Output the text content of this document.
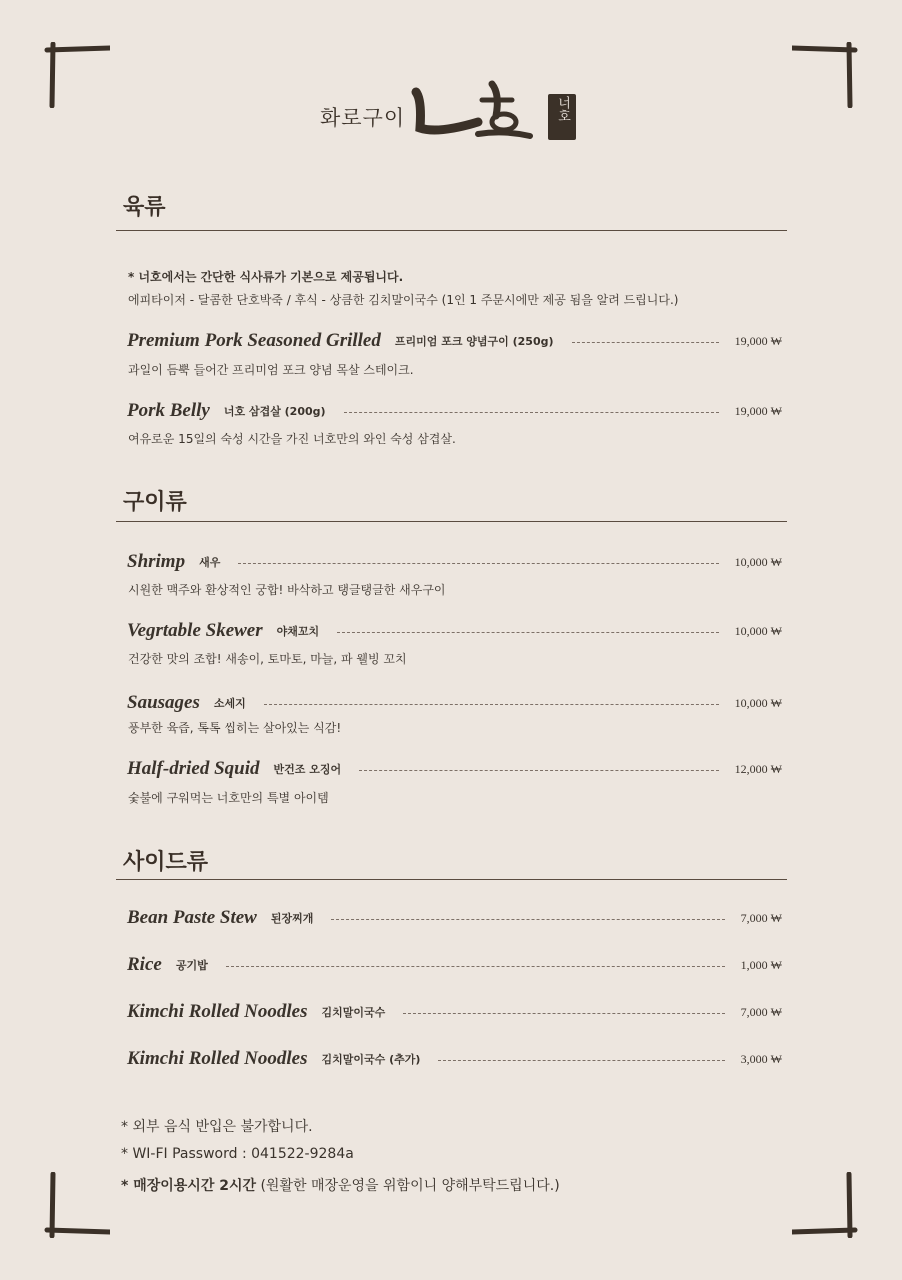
화로구이	너호
육류
* 너호에서는 간단한 식사류가 기본으로 제공됩니다.
에피타이저 - 달콤한 단호박죽 / 후식 - 상큼한 김치말이국수 (1인 1 주문시에만 제공 됨을 알려 드립니다.)
Premium Pork Seasoned Grilled 프리미엄 포크 양념구이 (250g)	19,000 ₩
과일이 듬뿍 들어간 프리미엄 포크 양념 목살 스테이크.
Pork Belly 너호 삼겹살 (200g)	19,000 ₩
여유로운 15일의 숙성 시간을 가진 너호만의 와인 숙성 삼겹살.
구이류
Shrimp 새우	10,000 ₩
시원한 맥주와 환상적인 궁합! 바삭하고 탱글탱글한 새우구이
Vegrtable Skewer 야채꼬치	10,000 ₩
건강한 맛의 조합! 새송이, 토마토, 마늘, 파 웰빙 꼬치
Sausages 소세지	10,000 ₩
풍부한 육즙, 톡톡 씹히는 살아있는 식감!
Half-dried Squid 반건조 오징어	12,000 ₩
숯불에 구워먹는 너호만의 특별 아이템
사이드류
Bean Paste Stew 된장찌개	7,000 ₩
Rice 공기밥	1,000 ₩
Kimchi Rolled Noodles 김치말이국수	7,000 ₩
Kimchi Rolled Noodles 김치말이국수 (추가)	3,000 ₩
* 외부 음식 반입은 불가합니다.
* WI-FI Password : 041522-9284a
* 매장이용시간 2시간 (원활한 매장운영을 위함이니 양해부탁드립니다.)
